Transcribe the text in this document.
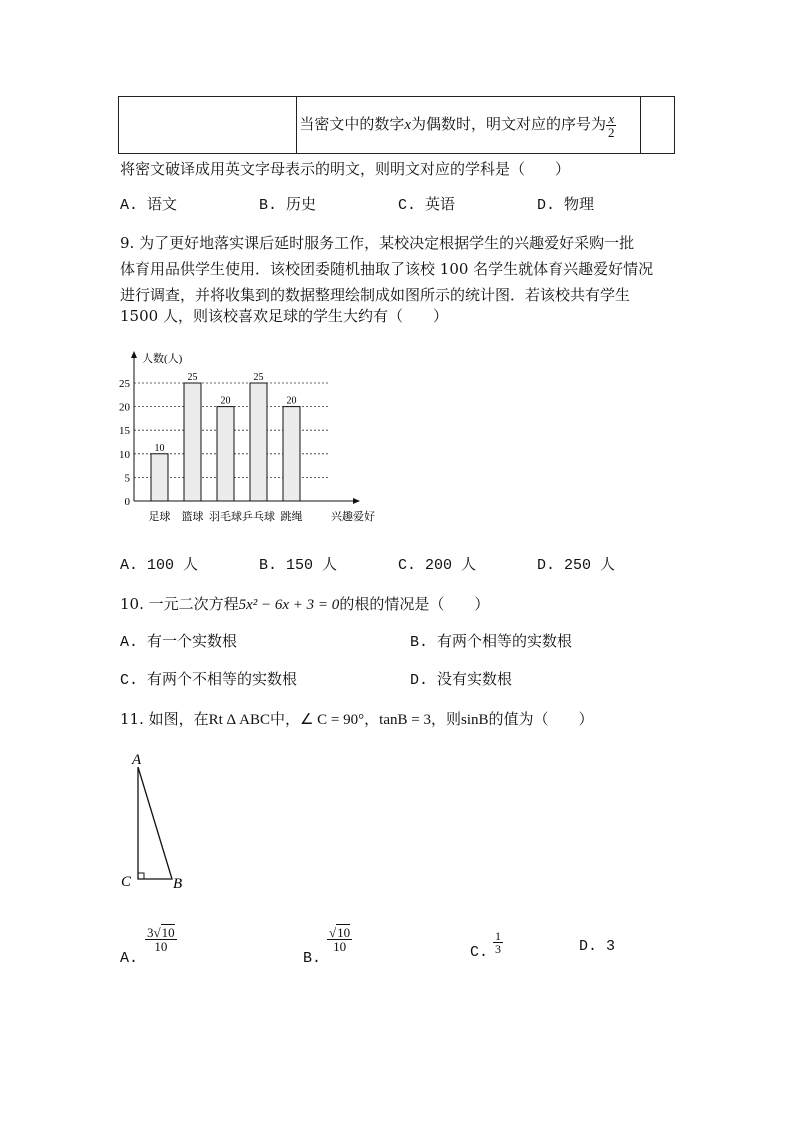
	当密文中的数字x为偶数时，明文对应的序号为 $\frac{x}{2}$

将密文破译成用英文字母表示的明文，则明文对应的学科是（　　）
A. 语文	B. 历史	C. 英语	D. 物理
9. 为了更好地落实课后延时服务工作，某校决定根据学生的兴趣爱好采购一批
体育用品供学生使用．该校团委随机抽取了该校 100 名学生就体育兴趣爱好情况
进行调查，并将收集到的数据整理绘制成如图所示的统计图．若该校共有学生
1500 人，则该校喜欢足球的学生大约有（　　）
人数(人)
兴趣爱好
0
5
10
15
20
25
足球 篮球 羽毛球 乒乓球 跳绳
10
25
20
25
20
A. 100 人	B. 150 人	C. 200 人	D. 250 人
10. 一元二次方程5x² − 6x + 3 = 0的根的情况是（　　）
A. 有一个实数根	B. 有两个相等的实数根
C. 有两个不相等的实数根	D. 没有实数根
11. 如图，在Rt Δ ABC中，∠ C = 90°，tanB = 3，则sinB的值为（　　）
A
C	B
A.
$\frac{3√10}{10}$
B.
$\frac{√10}{10}$	C. $\frac{1}{3}$	D. 3
